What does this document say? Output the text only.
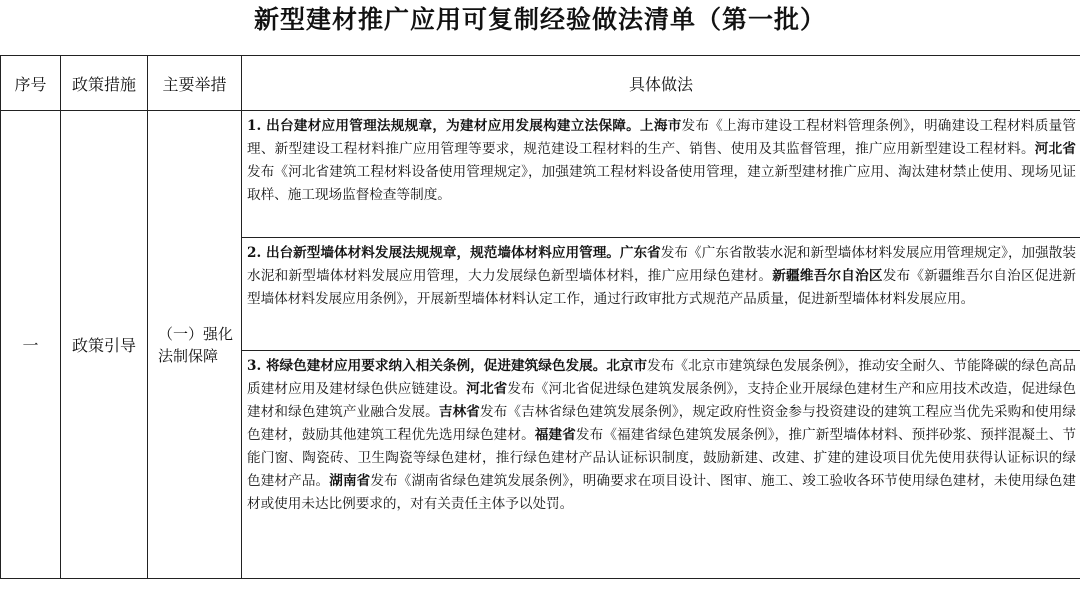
新型建材推广应用可复制经验做法清单（第一批）
序号	政策措施	主要举措	具体做法
一	政策引导	（一）强化法制保障	1. 出台建材应用管理法规规章，为建材应用发展构建立法保障。上海市发布《上海市建设工程材料管理条例》，明确建设工程材料质量管理、新型建设工程材料推广应用管理等要求，规范建设工程材料的生产、销售、使用及其监督管理，推广应用新型建设工程材料。河北省发布《河北省建筑工程材料设备使用管理规定》，加强建筑工程材料设备使用管理，建立新型建材推广应用、淘汰建材禁止使用、现场见证取样、施工现场监督检查等制度。
			2. 出台新型墙体材料发展法规规章，规范墙体材料应用管理。广东省发布《广东省散装水泥和新型墙体材料发展应用管理规定》，加强散装水泥和新型墙体材料发展应用管理，大力发展绿色新型墙体材料，推广应用绿色建材。新疆维吾尔自治区发布《新疆维吾尔自治区促进新型墙体材料发展应用条例》，开展新型墙体材料认定工作，通过行政审批方式规范产品质量，促进新型墙体材料发展应用。
			3. 将绿色建材应用要求纳入相关条例，促进建筑绿色发展。北京市发布《北京市建筑绿色发展条例》，推动安全耐久、节能降碳的绿色高品质建材应用及建材绿色供应链建设。河北省发布《河北省促进绿色建筑发展条例》，支持企业开展绿色建材生产和应用技术改造，促进绿色建材和绿色建筑产业融合发展。吉林省发布《吉林省绿色建筑发展条例》，规定政府性资金参与投资建设的建筑工程应当优先采购和使用绿色建材，鼓励其他建筑工程优先选用绿色建材。福建省发布《福建省绿色建筑发展条例》，推广新型墙体材料、预拌砂浆、预拌混凝土、节能门窗、陶瓷砖、卫生陶瓷等绿色建材，推行绿色建材产品认证标识制度，鼓励新建、改建、扩建的建设项目优先使用获得认证标识的绿色建材产品。湖南省发布《湖南省绿色建筑发展条例》，明确要求在项目设计、图审、施工、竣工验收各环节使用绿色建材，未使用绿色建材或使用未达比例要求的，对有关责任主体予以处罚。
